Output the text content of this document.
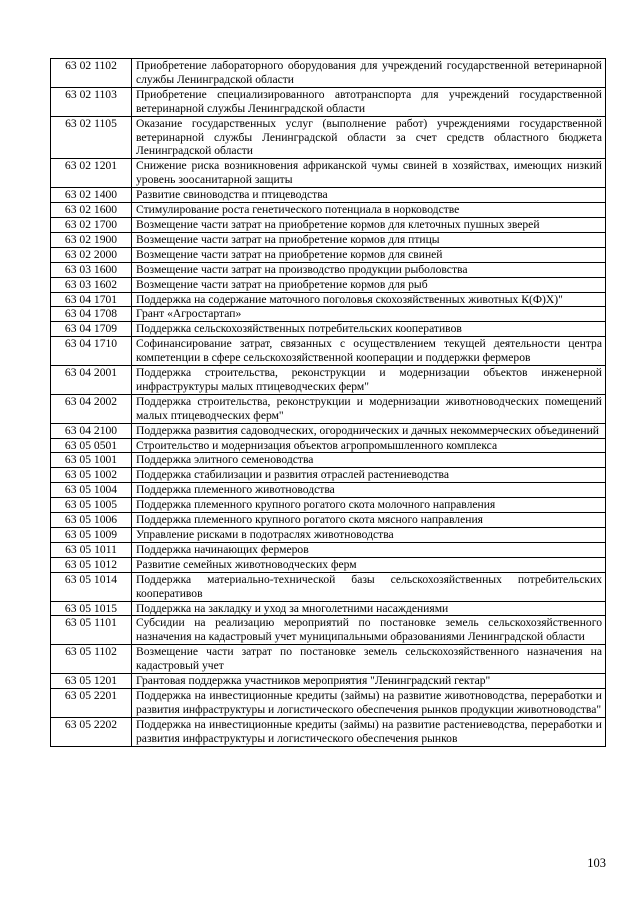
63 02 1102	Приобретение лабораторного оборудования для учреждений государственной ветеринарной службы Ленинградской области
63 02 1103	Приобретение специализированного автотранспорта для учреждений государственной ветеринарной службы Ленинградской области
63 02 1105	Оказание государственных услуг (выполнение работ) учреждениями государственной ветеринарной службы Ленинградской области за счет средств областного бюджета Ленинградской области
63 02 1201	Снижение риска возникновения африканской чумы свиней в хозяйствах, имеющих низкий уровень зоосанитарной защиты
63 02 1400	Развитие свиноводства и птицеводства
63 02 1600	Стимулирование роста генетического потенциала в норководстве
63 02 1700	Возмещение части затрат на приобретение кормов для клеточных пушных зверей
63 02 1900	Возмещение части затрат на приобретение кормов для птицы
63 02 2000	Возмещение части затрат на приобретение кормов для свиней
63 03 1600	Возмещение части затрат на производство продукции рыболовства
63 03 1602	Возмещение части затрат на приобретение кормов для рыб
63 04 1701	Поддержка на содержание маточного поголовья скохозяйственных животных К(Ф)Х)"
63 04 1708	Грант «Агростартап»
63 04 1709	Поддержка сельскохозяйственных потребительских кооперативов
63 04 1710	Софинансирование затрат, связанных с осуществлением текущей деятельности центра компетенции в сфере сельскохозяйственной кооперации и поддержки фермеров
63 04 2001	Поддержка строительства, реконструкции и модернизации объектов инженерной инфраструктуры малых птицеводческих ферм"
63 04 2002	Поддержка строительства, реконструкции и модернизации животноводческих помещений малых птицеводческих ферм"
63 04 2100	Поддержка развития садоводческих, огороднических и дачных некоммерческих объединений
63 05 0501	Строительство и модернизация объектов агропромышленного комплекса
63 05 1001	Поддержка элитного семеноводства
63 05 1002	Поддержка стабилизации и развития отраслей растениеводства
63 05 1004	Поддержка племенного животноводства
63 05 1005	Поддержка племенного крупного рогатого скота молочного направления
63 05 1006	Поддержка племенного крупного рогатого скота мясного направления
63 05 1009	Управление рисками в подотраслях животноводства
63 05 1011	Поддержка начинающих фермеров
63 05 1012	Развитие семейных животноводческих ферм
63 05 1014	Поддержка материально-технической базы сельскохозяйственных потребительских кооперативов
63 05 1015	Поддержка на закладку и уход за многолетними насаждениями
63 05 1101	Субсидии на реализацию мероприятий по постановке земель сельскохозяйственного назначения на кадастровый учет муниципальными образованиями Ленинградской области
63 05 1102	Возмещение части затрат по постановке земель сельскохозяйственного назначения на кадастровый учет
63 05 1201	Грантовая поддержка участников мероприятия "Ленинградский гектар"
63 05 2201	Поддержка на инвестиционные кредиты (займы) на развитие животноводства, переработки и развития инфраструктуры и логистического обеспечения рынков продукции животноводства"
63 05 2202	Поддержка на инвестиционные кредиты (займы) на развитие растениеводства, переработки и развития инфраструктуры и логистического обеспечения рынков
103
